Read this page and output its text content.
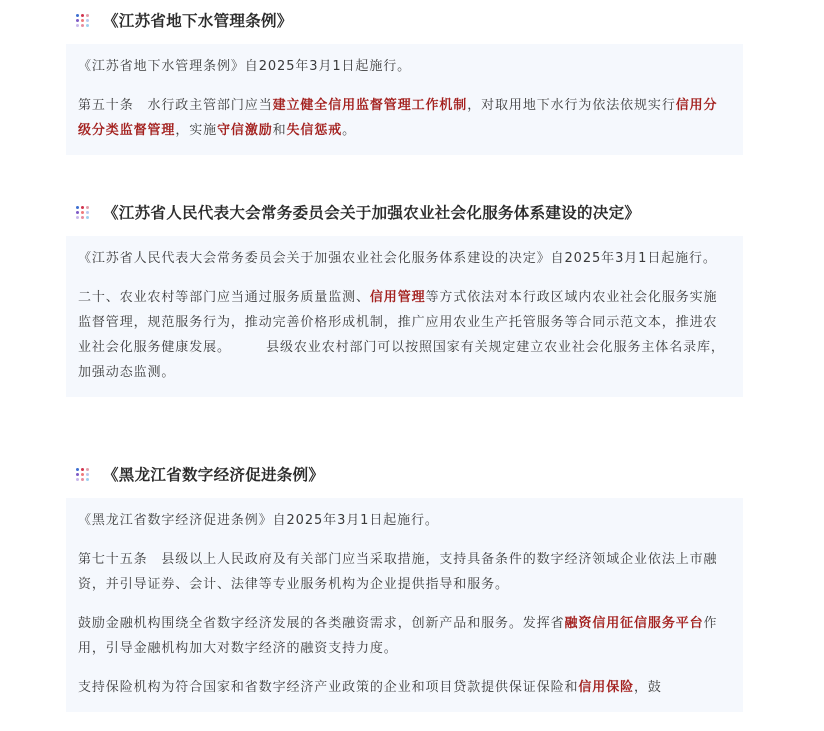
《江苏省地下水管理条例》

《江苏省地下水管理条例》自2025年3月1日起施行。

第五十条　水行政主管部门应当建立健全信用监督管理工作机制，对取用地下水行为依法依规实行信用分级分类监督管理，实施守信激励和失信惩戒。

《江苏省人民代表大会常务委员会关于加强农业社会化服务体系建设的决定》

《江苏省人民代表大会常务委员会关于加强农业社会化服务体系建设的决定》自2025年3月1日起施行。

二十、农业农村等部门应当通过服务质量监测、信用管理等方式依法对本行政区域内农业社会化服务实施监督管理，规范服务行为，推动完善价格形成机制，推广应用农业生产托管服务等合同示范文本，推进农业社会化服务健康发展。　　　县级农业农村部门可以按照国家有关规定建立农业社会化服务主体名录库，加强动态监测。

《黑龙江省数字经济促进条例》

《黑龙江省数字经济促进条例》自2025年3月1日起施行。

第七十五条　县级以上人民政府及有关部门应当采取措施，支持具备条件的数字经济领域企业依法上市融资，并引导证券、会计、法律等专业服务机构为企业提供指导和服务。

鼓励金融机构围绕全省数字经济发展的各类融资需求，创新产品和服务。发挥省融资信用征信服务平台作用，引导金融机构加大对数字经济的融资支持力度。

支持保险机构为符合国家和省数字经济产业政策的企业和项目贷款提供保证保险和信用保险，鼓
